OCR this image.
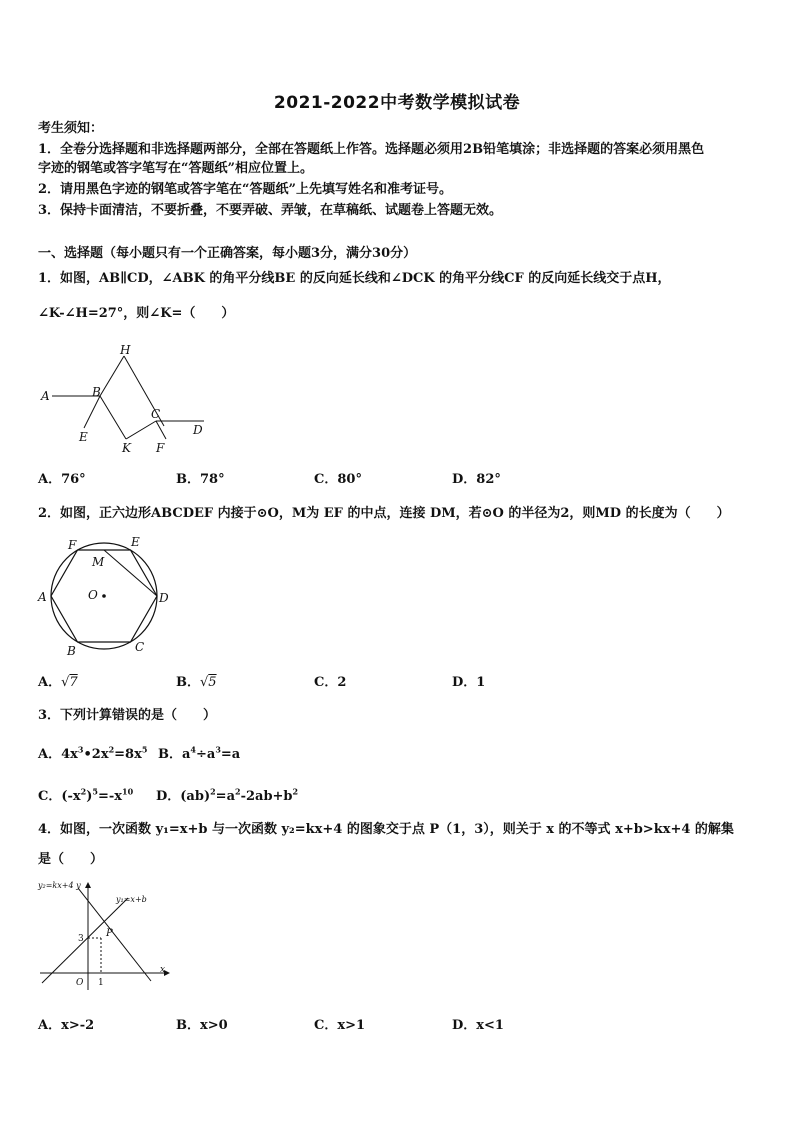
2021-2022中考数学模拟试卷
考生须知：
1．全卷分选择题和非选择题两部分，全部在答题纸上作答。选择题必须用2B铅笔填涂；非选择题的答案必须用黑色
字迹的钢笔或答字笔写在“答题纸”相应位置上。
2．请用黑色字迹的钢笔或答字笔在“答题纸”上先填写姓名和准考证号。
3．保持卡面清洁，不要折叠，不要弄破、弄皱，在草稿纸、试题卷上答题无效。
一、选择题（每小题只有一个正确答案，每小题3分，满分30分）
1．如图，AB∥CD，∠ABK 的角平分线BE 的反向延长线和∠DCK 的角平分线CF 的反向延长线交于点H，
∠K-∠H=27°，则∠K=（　　）
H
A	B
C
D
E
K F
A．76°	B．78°	C．80°	D．82°
2．如图，正六边形ABCDEF 内接于⊙O，M为 EF 的中点，连接 DM，若⊙O 的半径为2，则MD 的长度为（　　）
F	E
M
A	O	D
B	C
A．√7	B．√5	C．2	D．1
3．下列计算错误的是（　　）
A．$4x^3•2x^2=8x^5$ B．$a^4\div a^3=a$
C．$(-x^2)^5=-x^{10}$ D．$(ab)^2=a^2-2ab+b^2$
4．如图，一次函数 y₁=x+b 与一次函数 y₂=kx+4 的图象交于点 P（1，3），则关于 x 的不等式 x+b>kx+4 的解集
是（　　）
y₂=kx+4 y
y₁=x+b
P
3
1
O
x
A．x>-2	B．x>0	C．x>1	D．x<1
